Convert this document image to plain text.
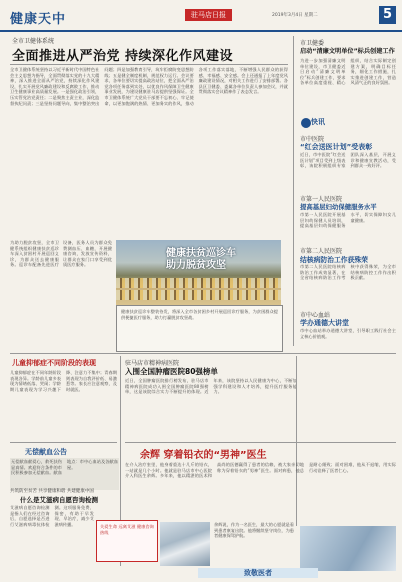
健康天中	驻马店日报	2019年3月4日 星期二	5
全市卫健体系统
全面推进从严治党 持续深化作风建设
全市卫健体系统坚持以习近平新时代中国特色社会主义思想为指导，全面贯彻落实党的十九大精神，深入推进全面从严治党，持续深化作风建设，扎实开展党风廉政建设和反腐败工作，推动卫生健康事业高质量发展。一是强化政治引领，压实管党治党责任；二是聚焦主责主业，深化监督执纪问责；三是坚持问题导向，集中整治突出问题；四是加强教育引导，筑牢拒腐防变思想防线；五是健全制度机制，规范权力运行。会议要求，各单位要切实提高政治站位，把全面从严治党各项任务落到实处，以优良作风保障卫生健康事业发展，为建设健康驻马店提供坚强保证。全市卫健体系统广大党员干部要不忘初心、牢记使命，以更加饱满的热情、更加务实的作风，推动各项工作落实落地，不断增强人民群众的获得感、幸福感、安全感。会上还通报了上年度党风廉政建设情况，对相关工作进行了安排部署。各县区卫健委、委属各单位负责人参加会议，并就贯彻落实会议精神作了表态发言。
市卫健委
启动“清廉文明单位”标兵创建工作
为进一步加强清廉文明单位建设，市卫健委近日启动“清廉文明单位”标兵创建工作，要求各单位高度重视、精心组织，结合实际制定创建方案，明确目标任务，细化工作措施，扎实推进创建工作，营造风清气正的良好氛围。
快讯
市中医院
“红会送医计划”受表彰
近日，市中医院“红会送医计划”项目受到上级表彰，该院积极组织专家团队深入基层，开展义诊和健康宣教活动，受到群众一致好评。
市第一人民医院
提高基层妇幼保健服务水平
市第一人民医院开展基层妇幼保健人员培训，提高基层妇幼保健服务水平，切实保障妇女儿童健康。
市第二人民医院
结核病防治工作获殊荣
市第二人民医院结核病防治工作成效显著，在全省结核病防治工作考核中获得殊荣，为全市结核病防控工作作出积极贡献。
市中心血站
学办通德大讲堂
市中心血站举办道德大讲堂，引导职工践行社会主义核心价值观。
为助力脱贫攻坚，全市卫健系统组织健康扶贫巡诊车深入贫困村开展巡回义诊，为群众送去健康服务。巡诊车配备先进医疗设备，医务人员为群众免费测血压、血糖，开展健康咨询，发放宣传资料，让群众在家门口享受到优质医疗服务。
健康扶贫巡诊车
助力脱贫攻坚
健康扶贫巡诊车整装待发，将深入全市各贫困乡村开展巡回诊疗服务，为贫困群众提供便捷医疗服务，助力打赢脱贫攻坚战。
儿童抑郁症不同阶段的表现
儿童抑郁症在不同年龄阶段表现各异。学龄前儿童多表现为情绪低落、哭闹；学龄期儿童表现为学习兴趣下降、注意力不集中；青春期则表现为自我评价低、易激惹等。家长应注意观察，及时就医。
驻马店市精神病医院
入围全国肿瘤医院80强榜单
近日，全国肿瘤医院排行榜发布，驻马店市精神病医院成功入围全国肿瘤医院80强榜单，这是该院综合实力不断提升的体现。近年来，该院坚持以人民健康为中心，不断加强学科建设和人才培养，提升医疗服务能力。
无偿献血公告
无偿献血献爱心，救死扶伤显真情。欢迎符合条件的市民积极参加无偿献血。献血地点：市中心血站及各献血屋。
余辉 穿着铅衣的“男神”医生
在介入治疗室里，他身着重达十几斤的铅衣，一站就是几个小时。他就是驻马店市中心医院介入科医生余辉。多年来，他以精湛的医术和高尚的医德赢得了患者的信赖，被大家亲切地称为穿着铅衣的“男神”医生。面对病患，他总是耐心细致；面对困难，他从不退缩，用实际行动诠释了医者仁心。
共筑防至贫苦 共享健康和谐 共建健康中国
什么是艾滋病自愿咨询检测
艾滋病自愿咨询检测是指人们在经过咨询后，自愿选择是否进行艾滋病病毒抗体检测。这项服务免费、保密，有助于早发现、早治疗，减少艾滋病传播。	关爱生命 远离艾滋 健康咨询热线
余辉说，作为一名医生，最大的心愿就是看到患者康复出院。他将继续坚守岗位，为患者健康保驾护航。
致敬医者
